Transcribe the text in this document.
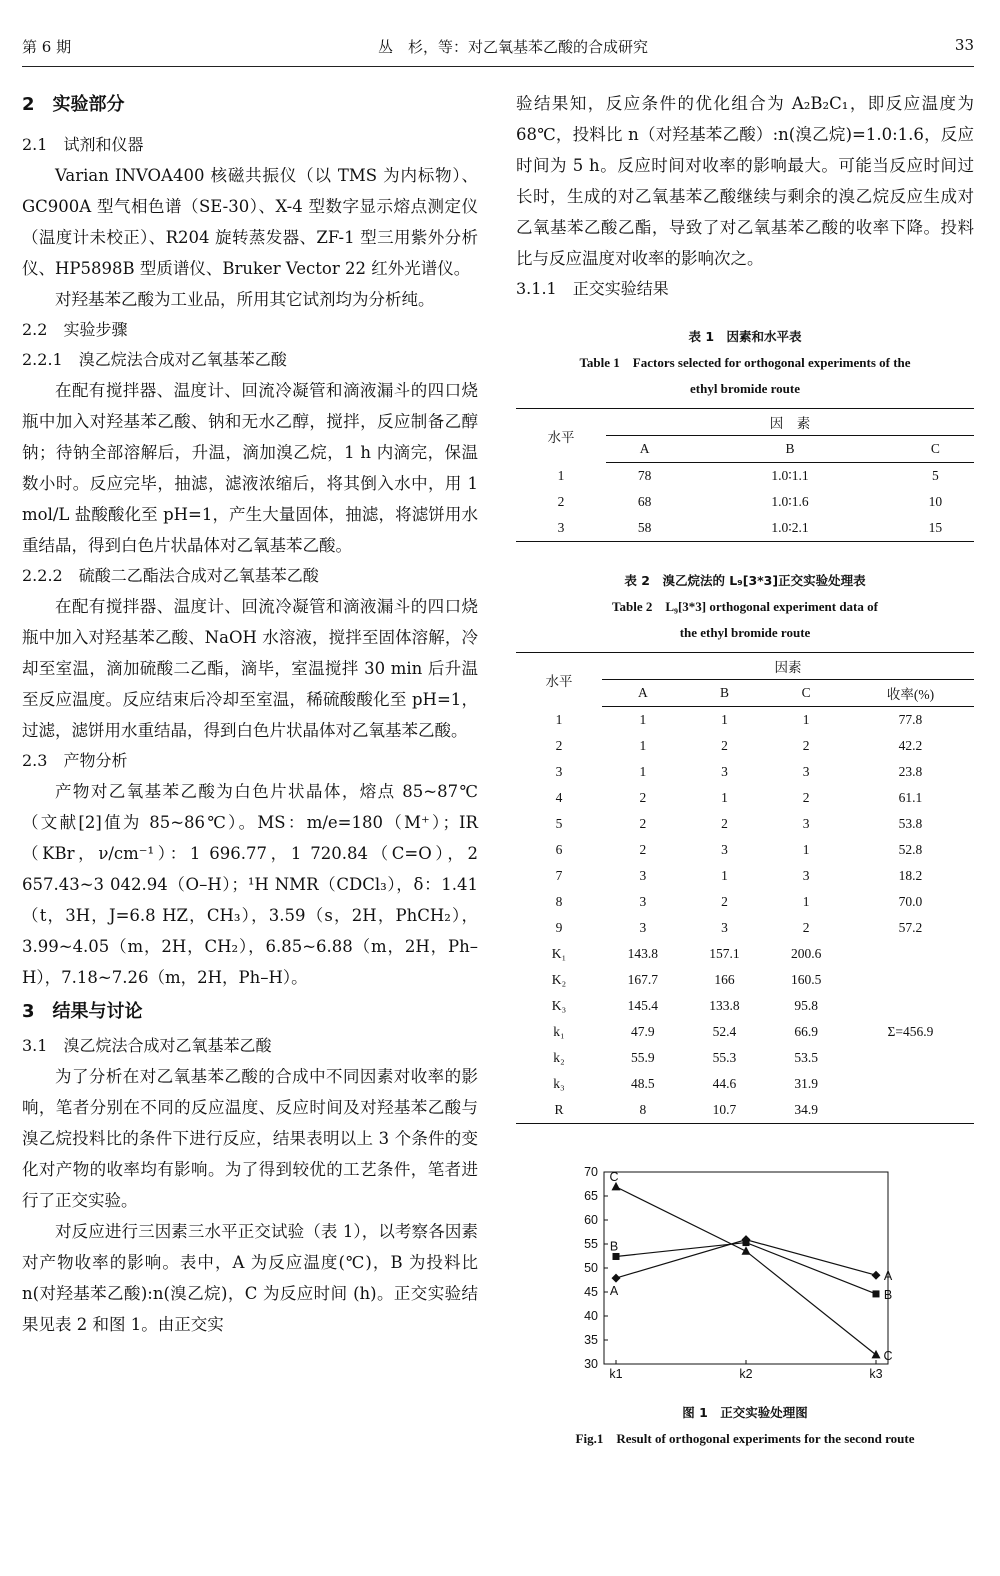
第 6 期	丛　杉，等：对乙氧基苯乙酸的合成研究	33
2　实验部分
2.1　试剂和仪器

Varian INVOA400 核磁共振仪（以 TMS 为内标物）、GC900A 型气相色谱（SE-30）、X-4 型数字显示熔点测定仪（温度计未校正）、R204 旋转蒸发器、ZF-1 型三用紫外分析仪、HP5898B 型质谱仪、Bruker Vector 22 红外光谱仪。

对羟基苯乙酸为工业品，所用其它试剂均为分析纯。

2.2　实验步骤
2.2.1　溴乙烷法合成对乙氧基苯乙酸

在配有搅拌器、温度计、回流冷凝管和滴液漏斗的四口烧瓶中加入对羟基苯乙酸、钠和无水乙醇，搅拌，反应制备乙醇钠；待钠全部溶解后，升温，滴加溴乙烷，1 h 内滴完，保温数小时。反应完毕，抽滤，滤液浓缩后，将其倒入水中，用 1 mol/L 盐酸酸化至 pH=1，产生大量固体，抽滤，将滤饼用水重结晶，得到白色片状晶体对乙氧基苯乙酸。

2.2.2　硫酸二乙酯法合成对乙氧基苯乙酸

在配有搅拌器、温度计、回流冷凝管和滴液漏斗的四口烧瓶中加入对羟基苯乙酸、NaOH 水溶液，搅拌至固体溶解，冷却至室温，滴加硫酸二乙酯，滴毕，室温搅拌 30 min 后升温至反应温度。反应结束后冷却至室温，稀硫酸酸化至 pH=1，过滤，滤饼用水重结晶，得到白色片状晶体对乙氧基苯乙酸。

2.3　产物分析

产物对乙氧基苯乙酸为白色片状晶体，熔点 85~87℃（文献[2]值为 85~86℃）。MS：m/e=180（M⁺）；IR（KBr，ν/cm⁻¹）：1 696.77，1 720.84（C=O），2 657.43~3 042.94（O–H）；¹H NMR（CDCl₃），δ：1.41（t，3H，J=6.8 HZ，CH₃），3.59（s，2H，PhCH₂），3.99~4.05（m，2H，CH₂），6.85~6.88（m，2H，Ph–H），7.18~7.26（m，2H，Ph–H）。

3　结果与讨论
3.1　溴乙烷法合成对乙氧基苯乙酸

为了分析在对乙氧基苯乙酸的合成中不同因素对收率的影响，笔者分别在不同的反应温度、反应时间及对羟基苯乙酸与溴乙烷投料比的条件下进行反应，结果表明以上 3 个条件的变化对产物的收率均有影响。为了得到较优的工艺条件，笔者进行了正交实验。

对反应进行三因素三水平正交试验（表 1），以考察各因素对产物收率的影响。表中，A 为反应温度(℃)，B 为投料比n(对羟基苯乙酸):n(溴乙烷)，C 为反应时间 (h)。正交实验结果见表 2 和图 1。由正交实

验结果知，反应条件的优化组合为 A₂B₂C₁，即反应温度为 68℃，投料比 n（对羟基苯乙酸）:n(溴乙烷)=1.0:1.6，反应时间为 5 h。反应时间对收率的影响最大。可能当反应时间过长时，生成的对乙氧基苯乙酸继续与剩余的溴乙烷反应生成对乙氧基苯乙酸乙酯，导致了对乙氧基苯乙酸的收率下降。投料比与反应温度对收率的影响次之。

3.1.1　正交实验结果

表 1　因素和水平表

Table 1　Factors selected for orthogonal experiments of the

ethyl bromide route

水平	因　素		
	A	B	C
1	78	1.0∶1.1	5
2	68	1.0∶1.6	10
3	58	1.0∶2.1	15

表 2　溴乙烷法的 L₉[3*3]正交实验处理表

Table 2　L₉[3*3] orthogonal experiment data of

the ethyl bromide route

水平	因素			
	A	B	C	收率(%)
1	1	1	1	77.8
2	1	2	2	42.2
3	1	3	3	23.8
4	2	1	2	61.1
5	2	2	3	53.8
6	2	3	1	52.8
7	3	1	3	18.2
8	3	2	1	70.0
9	3	3	2	57.2
K₁	143.8	157.1	200.6	
K₂	167.7	166	160.5	
K₃	145.4	133.8	95.8	
k₁	47.9	52.4	66.9	Σ=456.9
k₂	55.9	55.3	53.5	
k₃	48.5	44.6	31.9	
R	8	10.7	34.9	
30
35
40
45
50
55
60
65
70
k1	k2	k3
A
A
B
B
C
C

图 1　正交实验处理图

Fig.1　Result of orthogonal experiments for the second route
